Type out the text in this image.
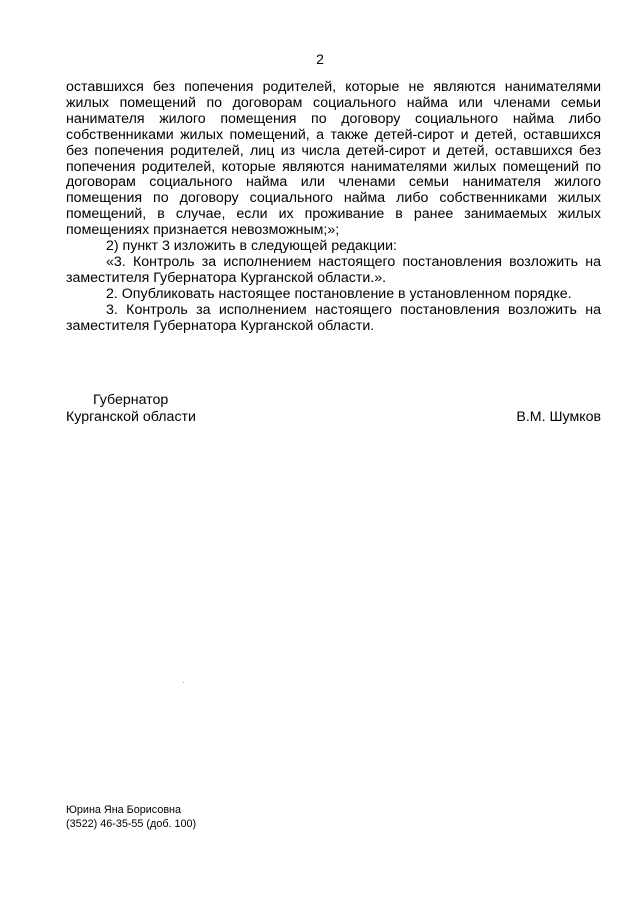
2

оставшихся без попечения родителей, которые не являются нанимателями жилых помещений по договорам социального найма или членами семьи нанимателя жилого помещения по договору социального найма либо собственниками жилых помещений, а также детей-сирот и детей, оставшихся без попечения родителей, лиц из числа детей-сирот и детей, оставшихся без попечения родителей, которые являются нанимателями жилых помещений по договорам социального найма или членами семьи нанимателя жилого помещения по договору социального найма либо собственниками жилых помещений, в случае, если их проживание в ранее занимаемых жилых помещениях признается невозможным;»;

2) пункт 3 изложить в следующей редакции:

«3. Контроль за исполнением настоящего постановления возложить на заместителя Губернатора Курганской области.».

2. Опубликовать настоящее постановление в установленном порядке.

3. Контроль за исполнением настоящего постановления возложить на заместителя Губернатора Курганской области.

Губернатор
Курганской области	В.М. Шумков
Юрина Яна Борисовна
(3522) 46-35-55 (доб. 100)
